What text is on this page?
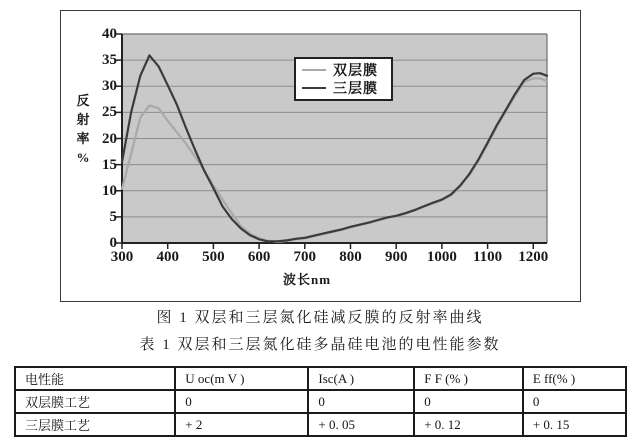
40
35
30
25
20
15
10
5
0
300	400	500	600	700	800	900	1000	1100	1200
反
射
率
%
波长nm
双层膜
三层膜
图 1 双层和三层氮化硅减反膜的反射率曲线
表 1 双层和三层氮化硅多晶硅电池的电性能参数
电性能	U oc(m V )	Isc(A )	F F (% )	E ff(% )
双层膜工艺	0	0	0	0
三层膜工艺	+ 2	+ 0. 05	+ 0. 12	+ 0. 15
